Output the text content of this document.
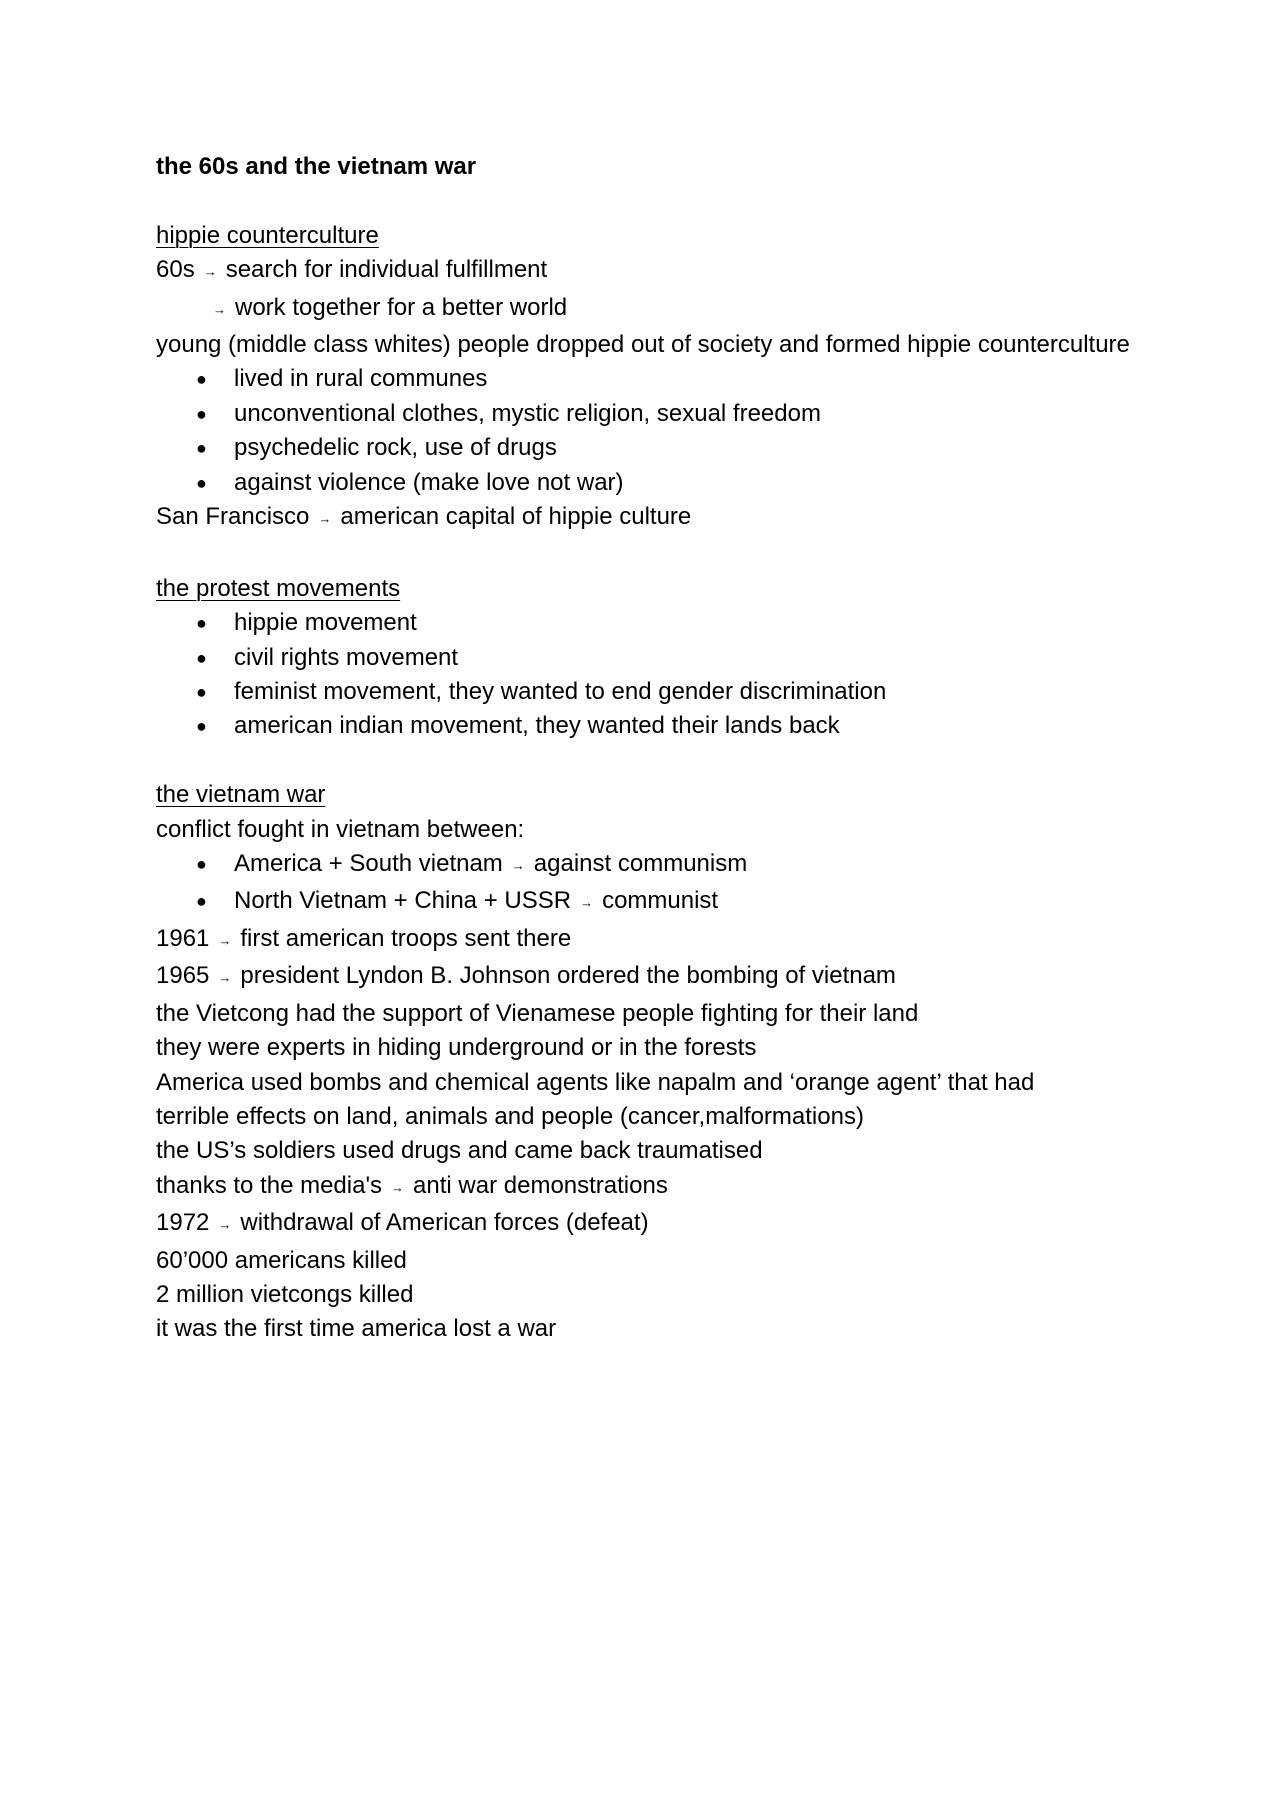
the 60s and the vietnam war

hippie counterculture

60s → search for individual fulfillment

→ work together for a better world

young (middle class whites) people dropped out of society and formed hippie counterculture

● lived in rural communes
● unconventional clothes, mystic religion, sexual freedom
● psychedelic rock, use of drugs
● against violence (make love not war)

San Francisco → american capital of hippie culture

the protest movements

● hippie movement
● civil rights movement
● feminist movement, they wanted to end gender discrimination
● american indian movement, they wanted their lands back

the vietnam war

conflict fought in vietnam between:

● America + South vietnam → against communism
● North Vietnam + China + USSR → communist

1961 → first american troops sent there

1965 → president Lyndon B. Johnson ordered the bombing of vietnam

the Vietcong had the support of Vienamese people fighting for their land

they were experts in hiding underground or in the forests

America used bombs and chemical agents like napalm and ‘orange agent’ that had

terrible effects on land, animals and people (cancer,malformations)

the US’s soldiers used drugs and came back traumatised

thanks to the media's → anti war demonstrations

1972 → withdrawal of American forces (defeat)

60’000 americans killed

2 million vietcongs killed

it was the first time america lost a war
